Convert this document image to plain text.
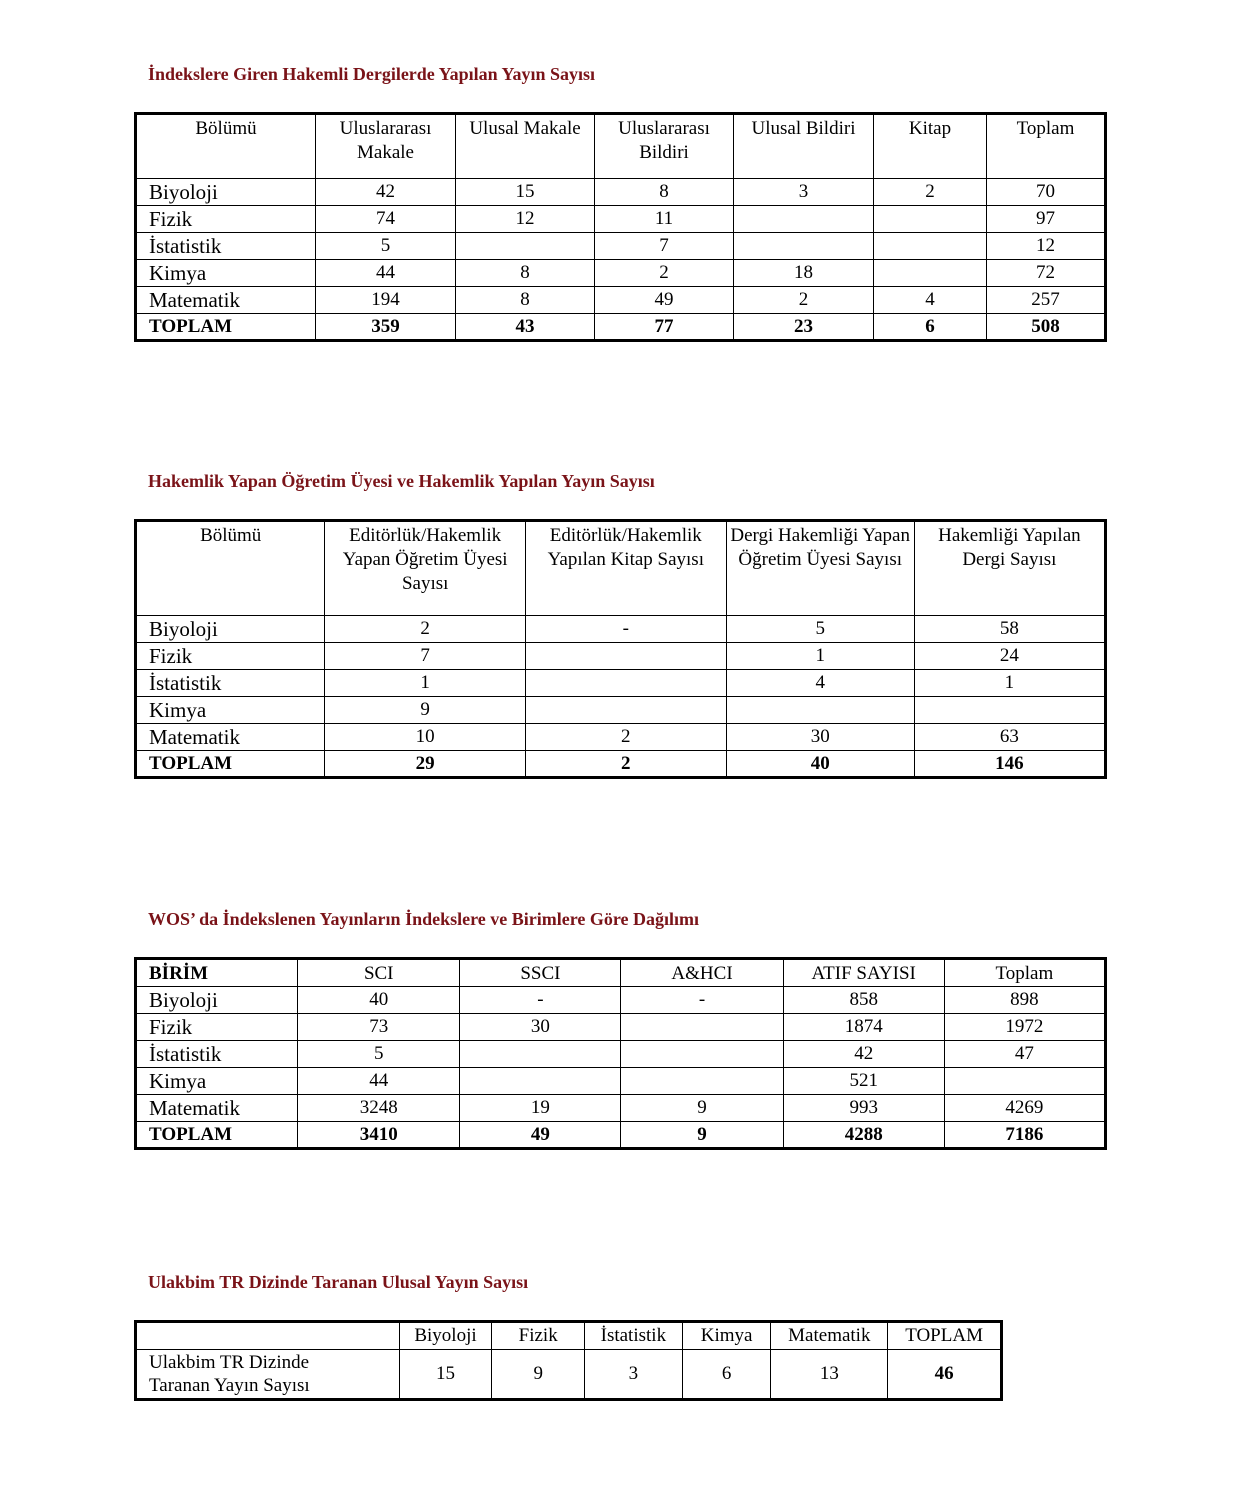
İndekslere Giren Hakemli Dergilerde Yapılan Yayın Sayısı
Bölümü	Uluslararası Makale	Ulusal Makale	Uluslararası Bildiri	Ulusal Bildiri	Kitap	Toplam
Biyoloji	42	15	8	3	2	70
Fizik	74	12	11			97
İstatistik	5		7			12
Kimya	44	8	2	18		72
Matematik	194	8	49	2	4	257
TOPLAM	359	43	77	23	6	508
Hakemlik Yapan Öğretim Üyesi ve Hakemlik Yapılan Yayın Sayısı
Bölümü	Editörlük/Hakemlik Yapan Öğretim Üyesi Sayısı	Editörlük/Hakemlik Yapılan Kitap Sayısı	Dergi Hakemliği Yapan Öğretim Üyesi Sayısı	Hakemliği Yapılan Dergi Sayısı
Biyoloji	2	-	5	58
Fizik	7		1	24
İstatistik	1		4	1
Kimya	9			
Matematik	10	2	30	63
TOPLAM	29	2	40	146
WOS’ da İndekslenen Yayınların İndekslere ve Birimlere Göre Dağılımı
BİRİM	SCI	SSCI	A&HCI	ATIF SAYISI	Toplam
Biyoloji	40	-	-	858	898
Fizik	73	30		1874	1972
İstatistik	5			42	47
Kimya	44			521	
Matematik	3248	19	9	993	4269
TOPLAM	3410	49	9	4288	7186
Ulakbim TR Dizinde Taranan Ulusal Yayın Sayısı
	Biyoloji	Fizik	İstatistik	Kimya	Matematik	TOPLAM

Ulakbim TR Dizinde
Taranan Yayın Sayısı	15	9	3	6	13	46
